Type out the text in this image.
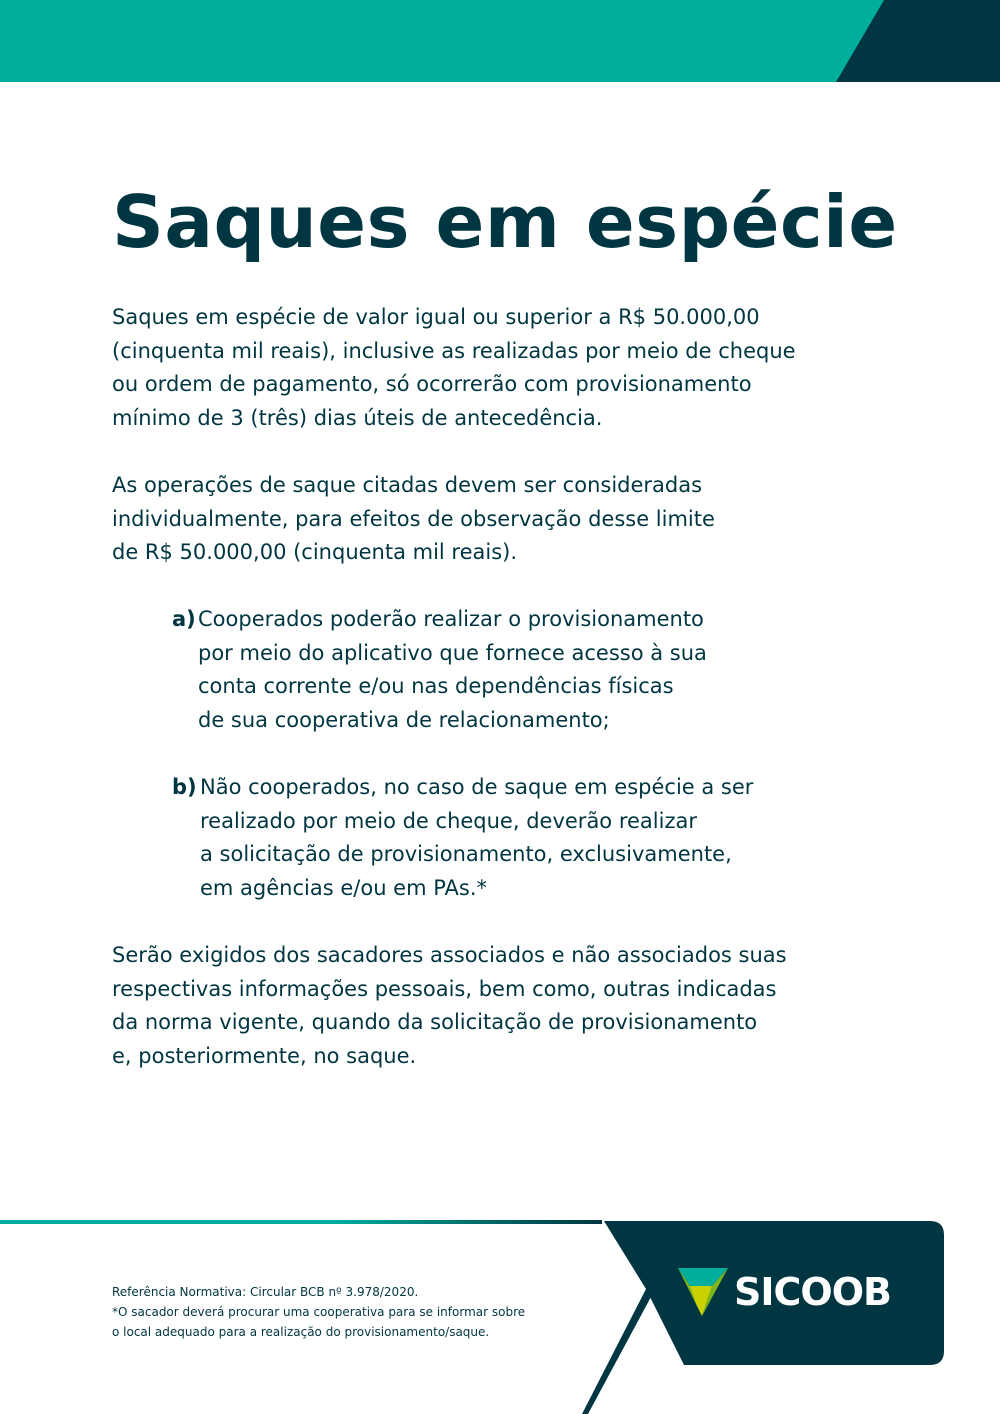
Saques em espécie
Saques em espécie de valor igual ou superior a R$ 50.000,00
(cinquenta mil reais), inclusive as realizadas por meio de cheque
ou ordem de pagamento, só ocorrerão com provisionamento
mínimo de 3 (três) dias úteis de antecedência.
As operações de saque citadas devem ser consideradas
individualmente, para efeitos de observação desse limite
de R$ 50.000,00 (cinquenta mil reais).
a) Cooperados poderão realizar o provisionamento
por meio do aplicativo que fornece acesso à sua
conta corrente e/ou nas dependências físicas
de sua cooperativa de relacionamento;
b) Não cooperados, no caso de saque em espécie a ser
realizado por meio de cheque, deverão realizar
a solicitação de provisionamento, exclusivamente,
em agências e/ou em PAs.*
Serão exigidos dos sacadores associados e não associados suas
respectivas informações pessoais, bem como, outras indicadas
da norma vigente, quando da solicitação de provisionamento
e, posteriormente, no saque.
Referência Normativa: Circular BCB nº 3.978/2020.
*O sacador deverá procurar uma cooperativa para se informar sobre
o local adequado para a realização do provisionamento/saque.
SICOOB
